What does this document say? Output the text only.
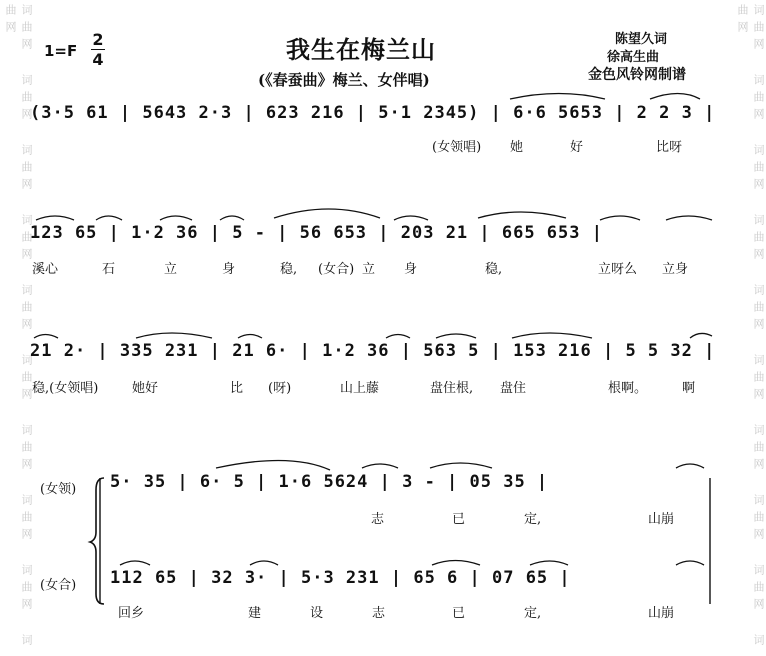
词曲网  词曲网  词曲网  词曲网  词曲网  词曲网  词曲网  词曲网  词曲网  词曲网	词曲网  词曲网  词曲网  词曲网  词曲网  词曲网  词曲网  词曲网  词曲网  词曲网
1=F
2
4	我生在梅兰山
(《春蚕曲》梅兰、女伴唱)
陈望久词
徐高生曲
金色风铃网制谱
(3·5 61 | 5643 2·3 | 623 216 | 5·1 2345) | 6·6 5653 | 2 2 3 |
(女领唱) 她	好	比呀
123 65 | 1·2 36 | 5 - | 56 653 | 203 21 | 665 653 |
溪心	石	立	身	稳, (女合) 立 身	稳,	立呀么 立身
21 2· | 335 231 | 21 6· | 1·2 36 | 563 5 | 153 216 | 5 5 32 |
稳,(女领唱)	她好	比 (呀)	山上藤	盘住根, 盘住	根啊。	啊
(女领)
(女合)
5· 35 | 6· 5 | 1·6 5624 | 3 - | 05 35 |
志	已	定,	山崩
112 65 | 32 3· | 5·3 231 | 65 6 | 07 65 |
回乡	建	设	志	已	定,	山崩
